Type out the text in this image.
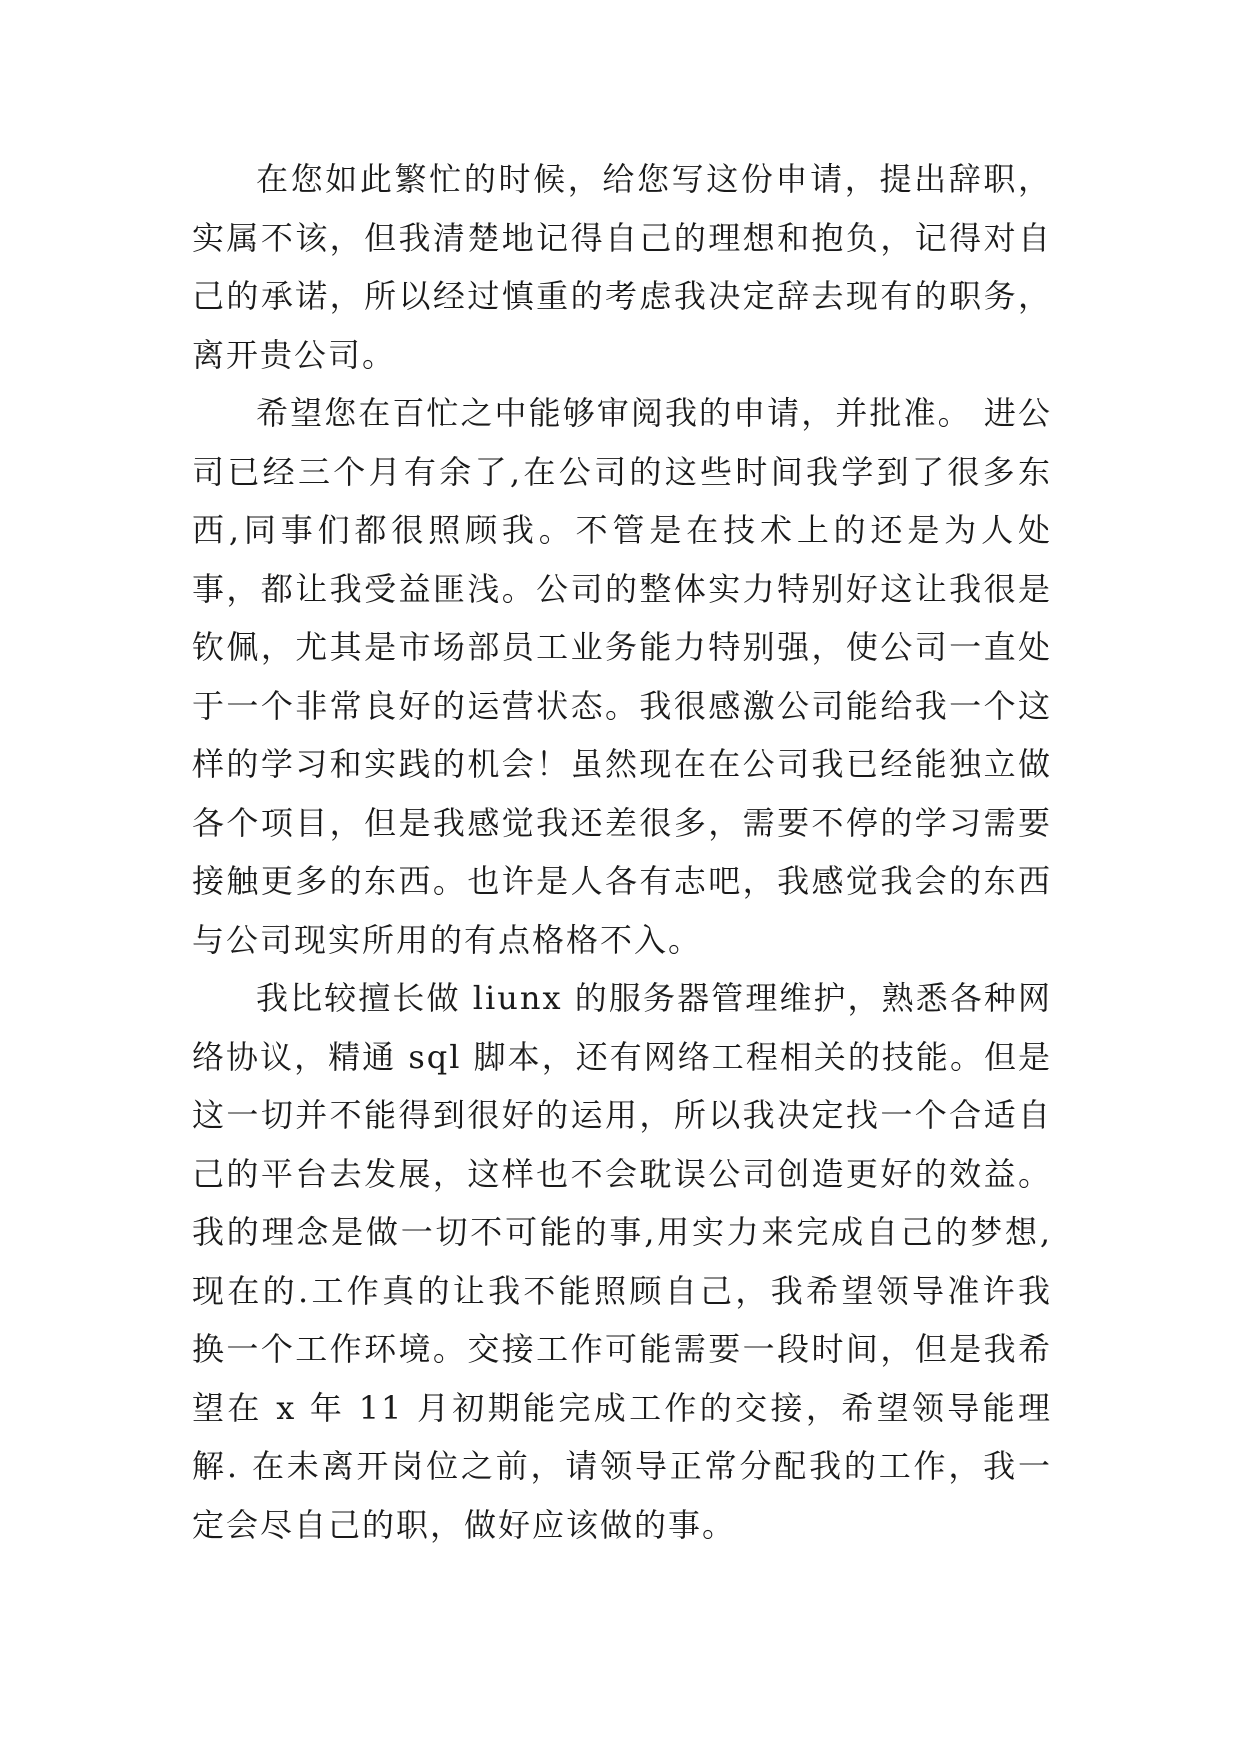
在您如此繁忙的时候，给您写这份申请，提出辞职，实属不该，但我清楚地记得自己的理想和抱负，记得对自己的承诺，所以经过慎重的考虑我决定辞去现有的职务，离开贵公司。

希望您在百忙之中能够审阅我的申请，并批准。 进公司已经三个月有余了,在公司的这些时间我学到了很多东西,同事们都很照顾我。不管是在技术上的还是为人处事，都让我受益匪浅。公司的整体实力特别好这让我很是钦佩，尤其是市场部员工业务能力特别强，使公司一直处于一个非常良好的运营状态。我很感激公司能给我一个这样的学习和实践的机会！虽然现在在公司我已经能独立做各个项目，但是我感觉我还差很多，需要不停的学习需要接触更多的东西。也许是人各有志吧，我感觉我会的东西与公司现实所用的有点格格不入。

我比较擅长做 liunx 的服务器管理维护，熟悉各种网络协议，精通 sql 脚本，还有网络工程相关的技能。但是这一切并不能得到很好的运用，所以我决定找一个合适自己的平台去发展，这样也不会耽误公司创造更好的效益。 我的理念是做一切不可能的事,用实力来完成自己的梦想,现在的.工作真的让我不能照顾自己，我希望领导准许我换一个工作环境。交接工作可能需要一段时间，但是我希望在 x 年 11 月初期能完成工作的交接，希望领导能理解. 在未离开岗位之前，请领导正常分配我的工作，我一定会尽自己的职，做好应该做的事。
